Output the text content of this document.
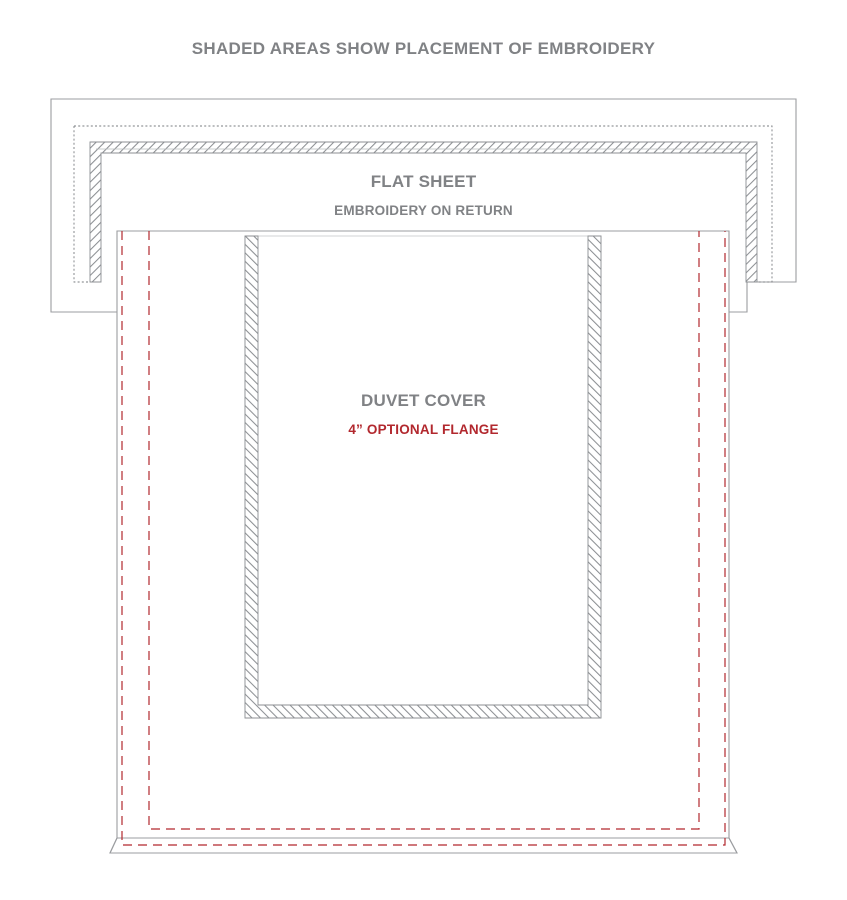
SHADED AREAS SHOW PLACEMENT OF EMBROIDERY
FLAT SHEET
EMBROIDERY ON RETURN
DUVET COVER
4” OPTIONAL FLANGE
